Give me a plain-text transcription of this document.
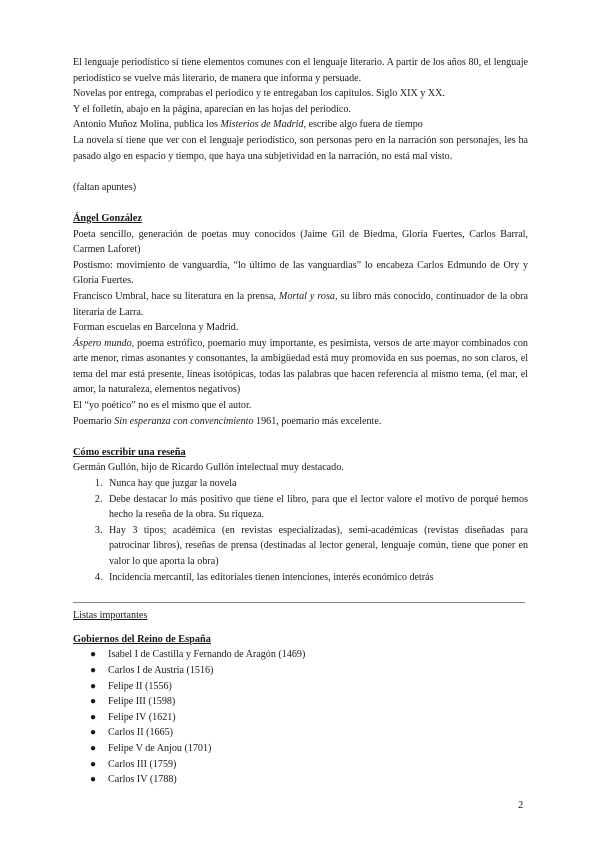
El lenguaje periodístico sí tiene elementos comunes con el lenguaje literario. A partir de los años 80, el lenguaje periodístico se vuelve más literario, de manera que informa y persuade.

Novelas por entrega, comprabas el periodico y te entregaban los capítulos. Siglo XIX y XX.

Y el folletín, abajo en la página, aparecían en las hojas del periodico.

Antonio Muñoz Molina, publica los Misterios de Madrid, escribe algo fuera de tiempo

La novela sí tiene que ver con el lenguaje periodístico, son personas pero en la narración son personajes, les ha pasado algo en espacio y tiempo, que haya una subjetividad en la narración, no está mal visto.

(faltan apuntes)

Ángel González

Poeta sencillo, generación de poetas muy conocidos (Jaime Gil de Biedma, Gloria Fuertes, Carlos Barral, Carmen Laforet)

Postismo: movimiento de vanguardia, “lo último de las vanguardias” lo encabeza Carlos Edmundo de Ory y Gloria Fuertes.

Francisco Umbral, hace su literatura en la prensa, Mortal y rosa, su libro más conocido, continuador de la obra literaria de Larra.

Forman escuelas en Barcelona y Madrid.

Áspero mundo, poema estrófico, poemario muy importante, es pesimista, versos de arte mayor combinados con arte menor, rimas asonantes y consonantes, la ambigüedad está muy promovida en sus poemas, no son claros, el tema del mar está presente, líneas isotópicas, todas las palabras que hacen referencia al mismo tema, (el mar, el amor, la naturaleza, elementos negativos)

El “yo poético” no es el mismo que el autor.

Poemario Sin esperanza con convencimiento 1961, poemario más excelente.

Cómo escribir una reseña

Germán Gullón, hijo de Ricardo Gullón intelectual muy destacado.

1. Nunca hay que juzgar la novela
2. Debe destacar lo más positivo que tiene el libro, para que el lector valore el motivo de porqué hemos hecho la reseña de la obra. Su riqueza.
3. Hay 3 tipos; académica (en revistas especializadas), semi-académicas (revistas diseñadas para patrocinar libros), reseñas de prensa (destinadas al lector general, lenguaje común, tiene que poner en valor lo que aporta la obra)
4. Incidencia mercantil, las editoriales tienen intenciones, interés económico detrás

Listas importantes

Gobiernos del Reino de España
● Isabel I de Castilla y Fernando de Aragón (1469)
● Carlos I de Austria (1516)
● Felipe II (1556)
● Felipe III (1598)
● Felipe IV (1621)
● Carlos II (1665)
● Felipe V de Anjou (1701)
● Carlos III (1759)
● Carlos IV (1788)
2
